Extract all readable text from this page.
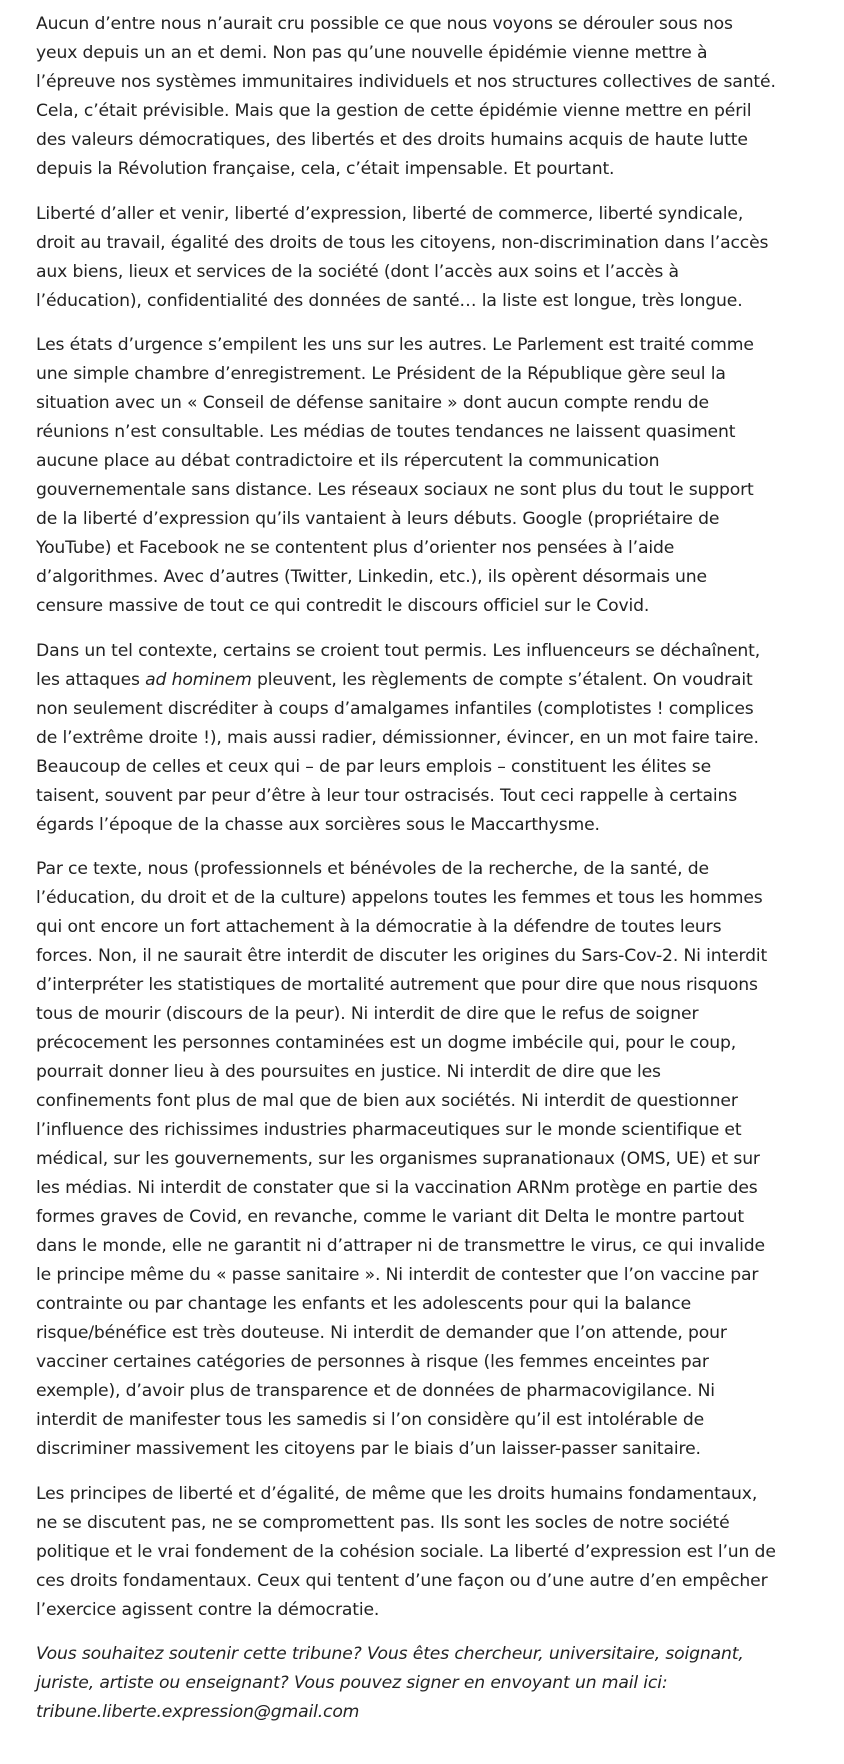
Aucun d’entre nous n’aurait cru possible ce que nous voyons se dérouler sous nos yeux depuis un an et demi. Non pas qu’une nouvelle épidémie vienne mettre à l’épreuve nos systèmes immunitaires individuels et nos structures collectives de santé. Cela, c’était prévisible. Mais que la gestion de cette épidémie vienne mettre en péril des valeurs démocratiques, des libertés et des droits humains acquis de haute lutte depuis la Révolution française, cela, c’était impensable. Et pourtant.

Liberté d’aller et venir, liberté d’expression, liberté de commerce, liberté syndicale, droit au travail, égalité des droits de tous les citoyens, non-discrimination dans l’accès aux biens, lieux et services de la société (dont l’accès aux soins et l’accès à l’éducation), confidentialité des données de santé… la liste est longue, très longue.

Les états d’urgence s’empilent les uns sur les autres. Le Parlement est traité comme une simple chambre d’enregistrement. Le Président de la République gère seul la situation avec un « Conseil de défense sanitaire » dont aucun compte rendu de réunions n’est consultable. Les médias de toutes tendances ne laissent quasiment aucune place au débat contradictoire et ils répercutent la communication gouvernementale sans distance. Les réseaux sociaux ne sont plus du tout le support de la liberté d’expression qu’ils vantaient à leurs débuts. Google (propriétaire de YouTube) et Facebook ne se contentent plus d’orienter nos pensées à l’aide d’algorithmes. Avec d’autres (Twitter, Linkedin, etc.), ils opèrent désormais une censure massive de tout ce qui contredit le discours officiel sur le Covid.

Dans un tel contexte, certains se croient tout permis. Les influenceurs se déchaînent, les attaques ad hominem pleuvent, les règlements de compte s’étalent. On voudrait non seulement discréditer à coups d’amalgames infantiles (complotistes ! complices de l’extrême droite !), mais aussi radier, démissionner, évincer, en un mot faire taire. Beaucoup de celles et ceux qui – de par leurs emplois – constituent les élites se taisent, souvent par peur d’être à leur tour ostracisés. Tout ceci rappelle à certains égards l’époque de la chasse aux sorcières sous le Maccarthysme.

Par ce texte, nous (professionnels et bénévoles de la recherche, de la santé, de l’éducation, du droit et de la culture) appelons toutes les femmes et tous les hommes qui ont encore un fort attachement à la démocratie à la défendre de toutes leurs forces. Non, il ne saurait être interdit de discuter les origines du Sars-Cov-2. Ni interdit d’interpréter les statistiques de mortalité autrement que pour dire que nous risquons tous de mourir (discours de la peur). Ni interdit de dire que le refus de soigner précocement les personnes contaminées est un dogme imbécile qui, pour le coup, pourrait donner lieu à des poursuites en justice. Ni interdit de dire que les confinements font plus de mal que de bien aux sociétés. Ni interdit de questionner l’influence des richissimes industries pharmaceutiques sur le monde scientifique et médical, sur les gouvernements, sur les organismes supranationaux (OMS, UE) et sur les médias. Ni interdit de constater que si la vaccination ARNm protège en partie des formes graves de Covid, en revanche, comme le variant dit Delta le montre partout dans le monde, elle ne garantit ni d’attraper ni de transmettre le virus, ce qui invalide le principe même du « passe sanitaire ». Ni interdit de contester que l’on vaccine par contrainte ou par chantage les enfants et les adolescents pour qui la balance risque/bénéfice est très douteuse. Ni interdit de demander que l’on attende, pour vacciner certaines catégories de personnes à risque (les femmes enceintes par exemple), d’avoir plus de transparence et de données de pharmacovigilance. Ni interdit de manifester tous les samedis si l’on considère qu’il est intolérable de discriminer massivement les citoyens par le biais d’un laisser-passer sanitaire.

Les principes de liberté et d’égalité, de même que les droits humains fondamentaux, ne se discutent pas, ne se compromettent pas. Ils sont les socles de notre société politique et le vrai fondement de la cohésion sociale. La liberté d’expression est l’un de ces droits fondamentaux. Ceux qui tentent d’une façon ou d’une autre d’en empêcher l’exercice agissent contre la démocratie.

Vous souhaitez soutenir cette tribune? Vous êtes chercheur, universitaire, soignant, juriste, artiste ou enseignant? Vous pouvez signer en envoyant un mail ici: tribune.liberte.expression@gmail.com
